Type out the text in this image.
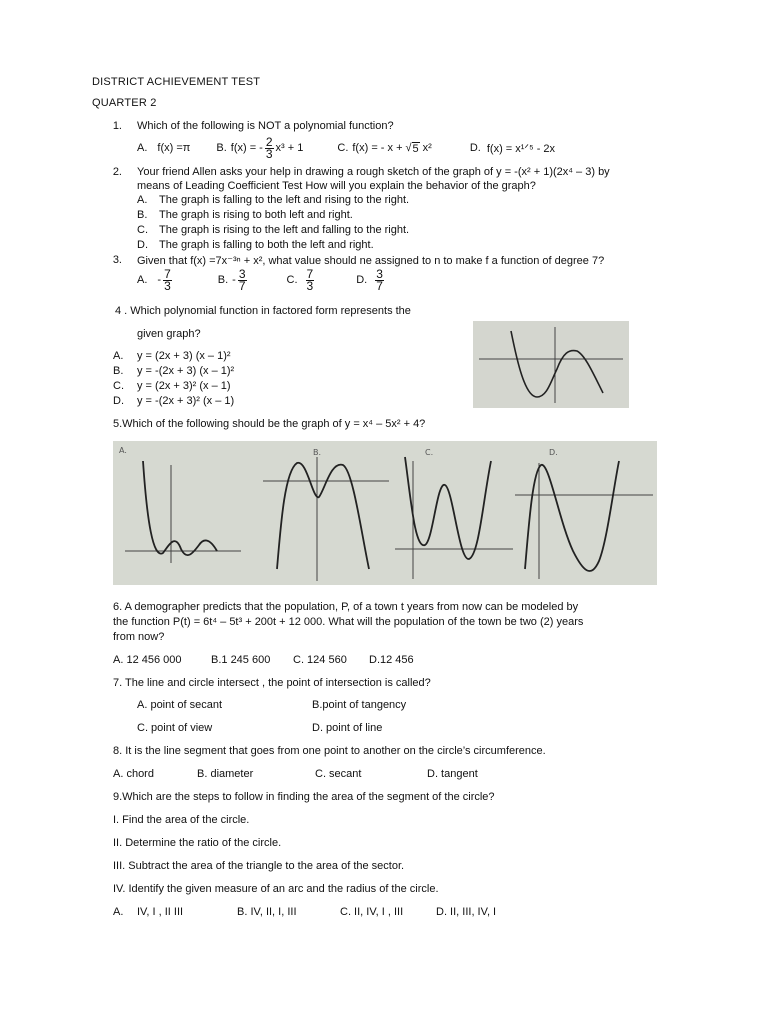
DISTRICT ACHIEVEMENT TEST
QUARTER 2
1. Which of the following is NOT a polynomial function?
A. f(x) =π B. f(x) = - $\frac{2}{3} x^3 + 1$	C. f(x) = - x + √ 5 x²	D. f(x) = x¹ᐟ⁵ - 2x
2. Your friend Allen asks your help in drawing a rough sketch of the graph of y = -(x² + 1)(2x⁴ – 3) by
means of Leading Coefficient Test How will you explain the behavior of the graph?
A. The graph is falling to the left and rising to the right.
B. The graph is rising to both left and right.
C. The graph is rising to the left and falling to the right.
D. The graph is falling to both the left and right.
3. Given that f(x) =7x⁻³ⁿ + x², what value should ne assigned to n to make f a function of degree 7?
A. - $\frac{7}{3}$	B. - $\frac{3}{7}$	C. $\frac{7}{3}$	D. $\frac{3}{7}$
4 . Which polynomial function in factored form represents the
given graph?
A. y = (2x + 3) (x – 1)²
B. y = -(2x + 3) (x – 1)²
C. y = (2x + 3)² (x – 1)
D. y = -(2x + 3)² (x – 1)
5.Which of the following should be the graph of y = x⁴ – 5x² + 4?
A.	B.	C.	D.
6. A demographer predicts that the population, P, of a town t years from now can be modeled by
the function P(t) = 6t⁴ – 5t³ + 200t + 12 000. What will the population of the town be two (2) years
from now?
A. 12 456 000	B.1 245 600 C. 124 560 D.12 456
7. The line and circle intersect , the point of intersection is called?
A. point of secant	B.point of tangency
C. point of view	D. point of line
8. It is the line segment that goes from one point to another on the circle’s circumference.
A. chord	B. diameter	C. secant	D. tangent
9.Which are the steps to follow in finding the area of the segment of the circle?
I. Find the area of the circle.
II. Determine the ratio of the circle.
III. Subtract the area of the triangle to the area of the sector.
IV. Identify the given measure of an arc and the radius of the circle.
A. IV, I , II III	B. IV, II, I, III	C. II, IV, I , III	D. II, III, IV, I
